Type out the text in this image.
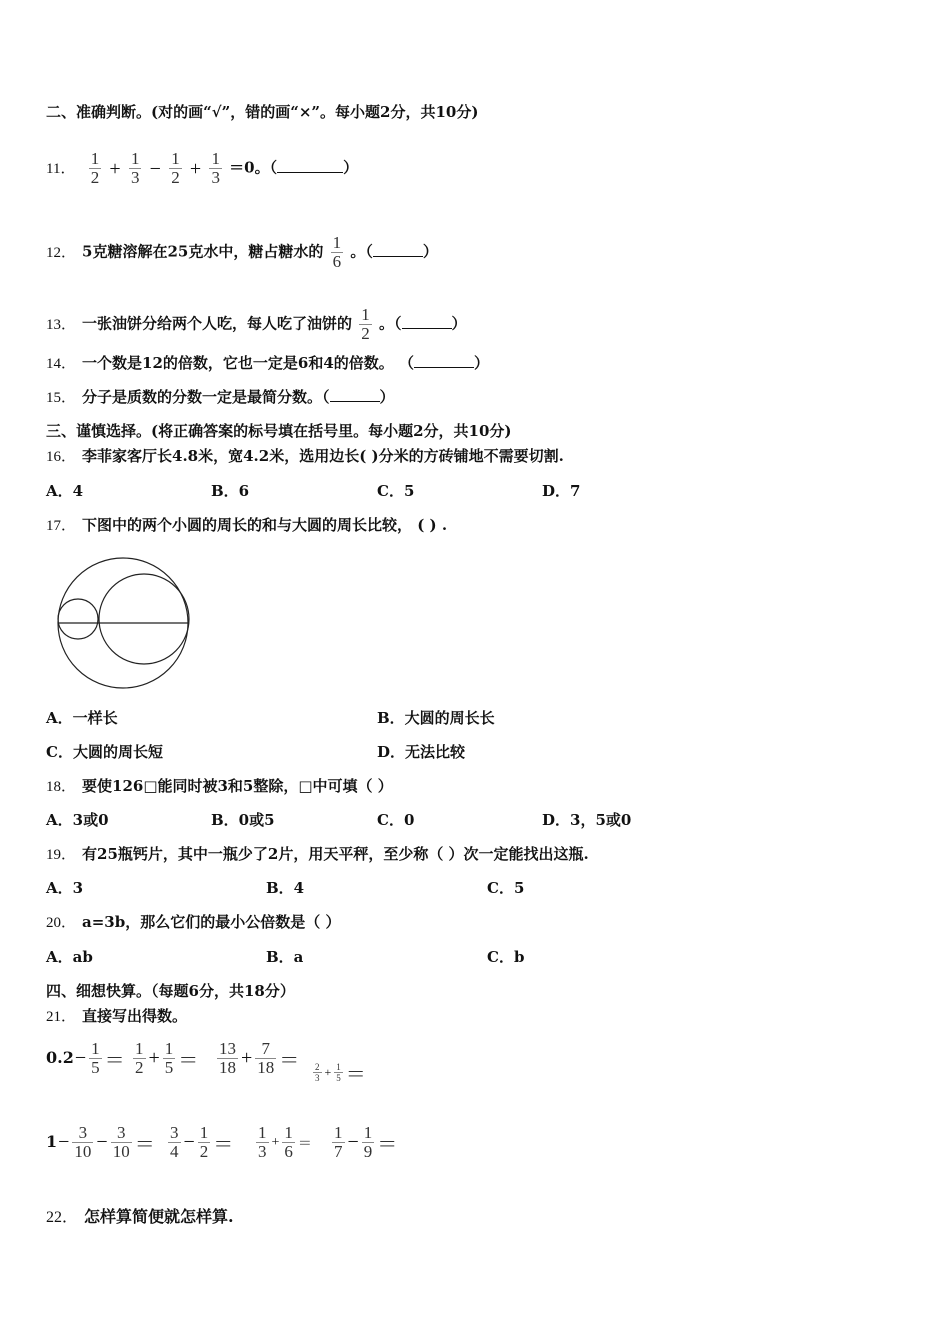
二、准确判断。(对的画“√”，错的画“×”。每小题2分，共10分)
11． $\frac{1}{2} + \frac{1}{3} - \frac{1}{2} + \frac{1}{3} =0$。（	）
12． 5克糖溶解在25克水中，糖占糖水的 $\frac{1}{6}$ 。（	）
13． 一张油饼分给两个人吃，每人吃了油饼的 $\frac{1}{2}$ 。（	）
14． 一个数是12的倍数，它也一定是6和4的倍数。 （	）
15． 分子是质数的分数一定是最简分数。（	）
三、谨慎选择。(将正确答案的标号填在括号里。每小题2分，共10分)
16． 李菲家客厅长4.8米，宽4.2米，选用边长( )分米的方砖铺地不需要切割.
A．4	B．6	C．5	D．7
17． 下图中的两个小圆的周长的和与大圆的周长比较， ( ) .
A．一样长	B．大圆的周长长
C．大圆的周长短	D．无法比较
18． 要使126□能同时被3和5整除，□中可填（ ）
A．3或0	B．0或5	C．0	D．3，5或0
19． 有25瓶钙片，其中一瓶少了2片，用天平秤，至少称（ ）次一定能找出这瓶.
A．3	B．4	C．5
20． a=3b，那么它们的最小公倍数是（ ）
A．ab	B．a	C．b
四、细想快算。（每题6分，共18分）
21． 直接写出得数。
$0.2- \frac{1}{5} = \frac{1}{2} + \frac{1}{5} = \frac{13}{18} + \frac{7}{18}$ ＝
$\frac{2}{3} + \frac{1}{5}$ ＝
$1- \frac{3}{10} - \frac{3}{10} = \frac{3}{4} - \frac{1}{2} = \frac{1}{3} + \frac{1}{6} = \frac{1}{7} - \frac{1}{9}$ ＝
22． 怎样算简便就怎样算.
